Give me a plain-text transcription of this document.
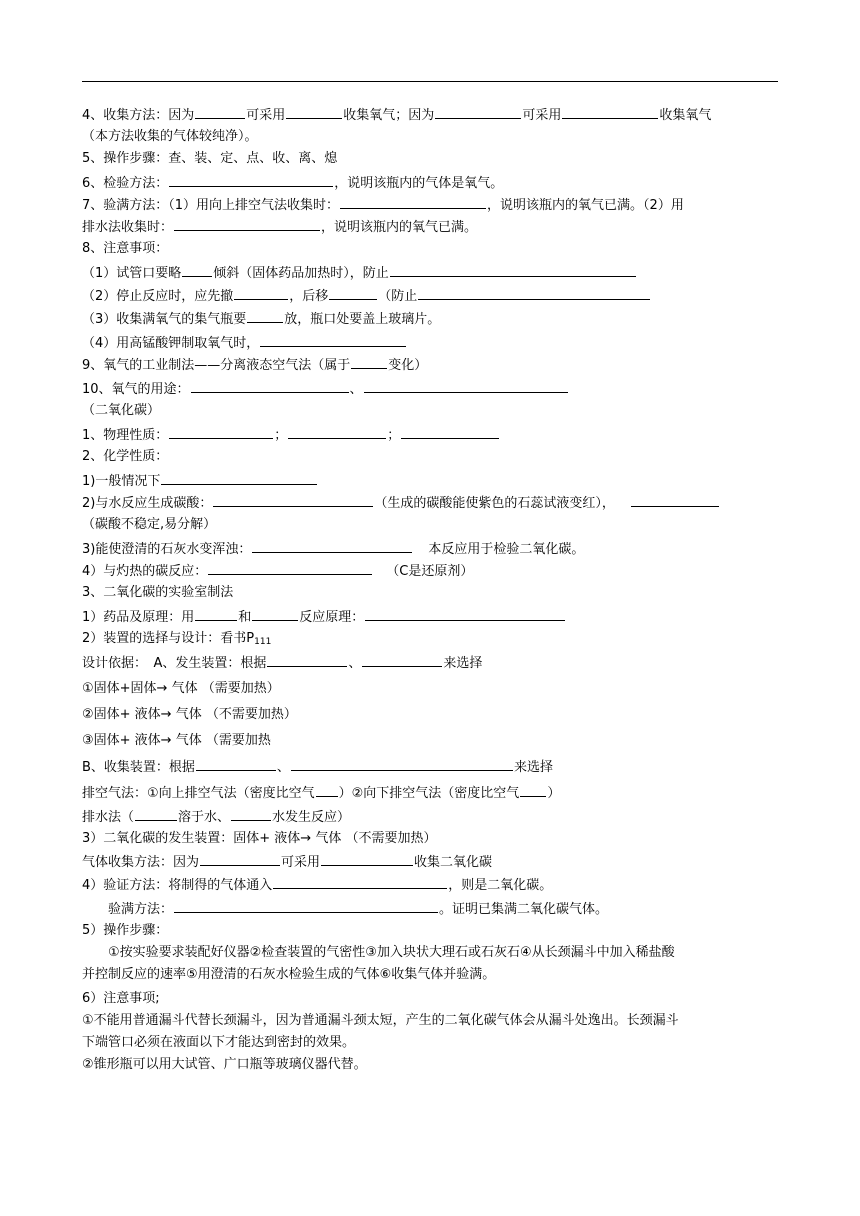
4、收集方法：因为	可采用	收集氧气；因为	可采用	收集氧气
（本方法收集的气体较纯净）。
5、操作步骤：查、装、定、点、收、离、熄
6、检验方法：	，说明该瓶内的气体是氧气。
7、验满方法：（1）用向上排空气法收集时：	，说明该瓶内的氧气已满。（2）用
排水法收集时：	，说明该瓶内的氧气已满。
8、注意事项：
（1）试管口要略 倾斜（固体药品加热时），防止
（2）停止反应时，应先撤	，后移	（防止
（3）收集满氧气的集气瓶要	放，瓶口处要盖上玻璃片。
（4）用高锰酸钾制取氧气时，
9、氧气的工业制法——分离液态空气法（属于	变化）
10、氧气的用途：	、
（二氧化碳）
1、物理性质：	；	；
2、化学性质：
1)一般情况下
2)与水反应生成碳酸：	（生成的碳酸能使紫色的石蕊试液变红），
（碳酸不稳定,易分解）
3)能使澄清的石灰水变浑浊：	本反应用于检验二氧化碳。
4）与灼热的碳反应：	（C是还原剂）
3、二氧化碳的实验室制法
1）药品及原理：用	和	反应原理：
2）装置的选择与设计：看书$P_{111}$
设计依据：　A、发生装置：根据	、	来选择
①固体+固体→ 气体 （需要加热）
②固体+ 液体→ 气体 （不需要加热）
③固体+ 液体→ 气体 （需要加热
B、收集装置：根据	、	来选择
排空气法：①向上排空气法（密度比空气 ）②向下排空气法（密度比空气 ）
排水法（	溶于水、	水发生反应）
3）二氧化碳的发生装置：固体+ 液体→ 气体 （不需要加热）
气体收集方法：因为	可采用	收集二氧化碳
4）验证方法：将制得的气体通入	，则是二氧化碳。
　　验满方法：	。证明已集满二氧化碳气体。
5）操作步骤：
　　①按实验要求装配好仪器②检查装置的气密性③加入块状大理石或石灰石④从长颈漏斗中加入稀盐酸
并控制反应的速率⑤用澄清的石灰水检验生成的气体⑥收集气体并验满。
6）注意事项;
①不能用普通漏斗代替长颈漏斗，因为普通漏斗颈太短，产生的二氧化碳气体会从漏斗处逸出。长颈漏斗
下端管口必须在液面以下才能达到密封的效果。
②锥形瓶可以用大试管、广口瓶等玻璃仪器代替。
